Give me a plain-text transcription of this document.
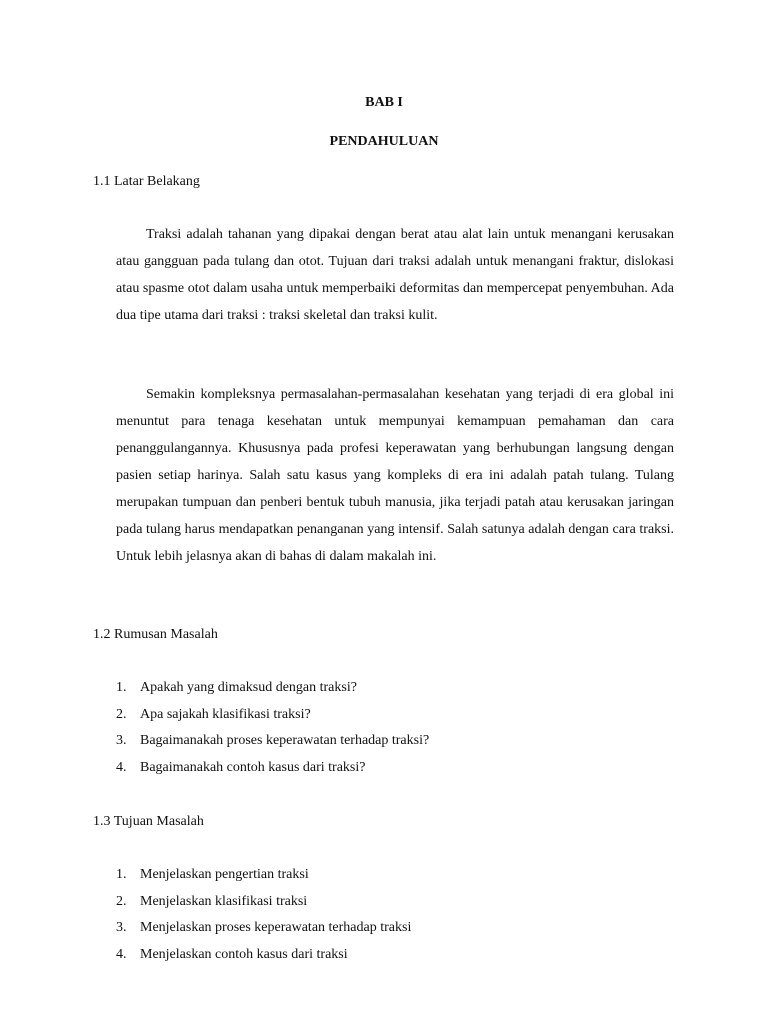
BAB I
PENDAHULUAN
1.1 Latar Belakang

Traksi adalah tahanan yang dipakai dengan berat atau alat lain untuk menangani kerusakan atau gangguan pada tulang dan otot. Tujuan dari traksi adalah untuk menangani fraktur, dislokasi atau spasme otot dalam usaha untuk memperbaiki deformitas dan mempercepat penyembuhan. Ada dua tipe utama dari traksi : traksi skeletal dan traksi kulit.

Semakin kompleksnya permasalahan-permasalahan kesehatan yang terjadi di era global ini menuntut para tenaga kesehatan untuk mempunyai kemampuan pemahaman dan cara penanggulangannya. Khususnya pada profesi keperawatan yang berhubungan langsung dengan pasien setiap harinya. Salah satu kasus yang kompleks di era ini adalah patah tulang. Tulang merupakan tumpuan dan penberi bentuk tubuh manusia, jika terjadi patah atau kerusakan jaringan pada tulang harus mendapatkan penanganan yang intensif. Salah satunya adalah dengan cara traksi. Untuk lebih jelasnya akan di bahas di dalam makalah ini.

1.2 Rumusan Masalah
1. Apakah yang dimaksud dengan traksi?
2. Apa sajakah klasifikasi traksi?
3. Bagaimanakah proses keperawatan terhadap traksi?
4. Bagaimanakah contoh kasus dari traksi?
1.3 Tujuan Masalah
1. Menjelaskan pengertian traksi
2. Menjelaskan klasifikasi traksi
3. Menjelaskan proses keperawatan terhadap traksi
4. Menjelaskan contoh kasus dari traksi
